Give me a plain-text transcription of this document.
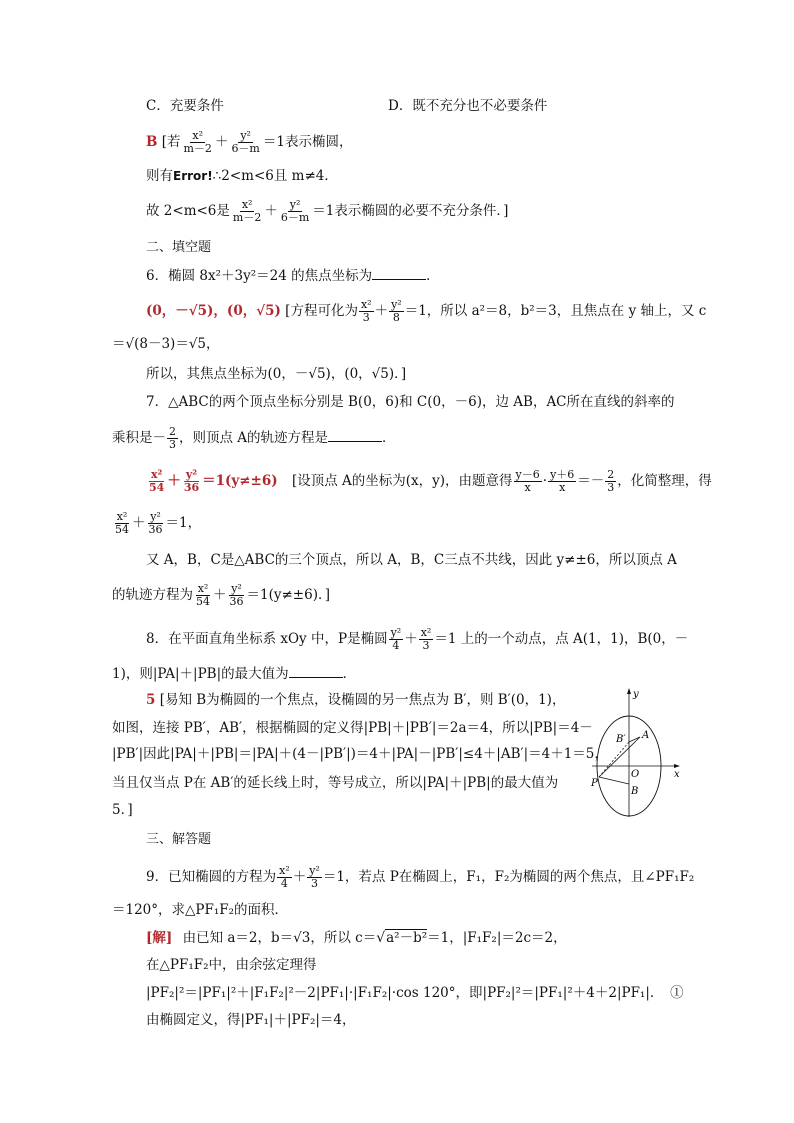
C．充要条件	D．既不充分也不必要条件
B [若 $\frac{\text{x²}}{m-2} + \frac{\text{y²}}{6-m} =1$表示椭圆，
则有Error!∴2<m<6且 m≠4．
故 2<m<6是 $\frac{\text{x²}}{m-2} + \frac{\text{y²}}{6-m} =1$表示椭圆的必要不充分条件．]
二、填空题
6．椭圆 8x²＋3y²＝24 的焦点坐标为	．
(0，－√5)，(0，√5) [方程可化为 $\frac{\text{x²}}{3} + \frac{\text{y²}}{8} =1$，所以 a²＝8，b²＝3，且焦点在 y 轴上，又 c
＝√(8－3)＝√5，
所以，其焦点坐标为(0，－√5)，(0，√5)．]
7．△ABC的两个顶点坐标分别是 B(0，6)和 C(0，－6)，边 AB，AC所在直线的斜率的
乘积是－ $\frac{2}{3}$ ，则顶点 A的轨迹方程是	．
$\frac{\text{x²}}{54} + \frac{\text{y²}}{36} =1(y\ne\pm 6)$ [设顶点 A的坐标为(x，y)，由题意得 $\frac{y-6}{x} \cdot \frac{y+6}{x} =- \frac{2}{3}$ ，化简整理，得
$\frac{\text{x²}}{54} + \frac{\text{y²}}{36} =1$，
又 A，B，C是△ABC的三个顶点，所以 A，B，C三点不共线，因此 y≠±6，所以顶点 A
的轨迹方程为 $\frac{\text{x²}}{54} + \frac{\text{y²}}{36} =1(y\ne\pm 6)$．]
8．在平面直角坐标系 xOy 中，P是椭圆 $\frac{\text{y²}}{4} + \frac{\text{x²}}{3} =1$ 上的一个动点，点 A(1，1)，B(0，－
1)，则|PA|＋|PB|的最大值为	．
5 [易知 B为椭圆的一个焦点，设椭圆的另一焦点为 B′，则 B′(0，1)，
如图，连接 PB′，AB′，根据椭圆的定义得|PB|＋|PB′|＝2a＝4，所以|PB|＝4－
|PB′|因此|PA|＋|PB|＝|PA|＋(4－|PB′|)＝4＋|PA|－|PB′|≤4＋|AB′|＝4＋1＝5，
当且仅当点 P在 AB′的延长线上时，等号成立，所以|PA|＋|PB|的最大值为
5．]
y
x
O
A
B
B′
P
三、解答题
9．已知椭圆的方程为 $\frac{\text{x²}}{4} + \frac{\text{y²}}{3} =1$，若点 P在椭圆上，F₁，F₂为椭圆的两个焦点，且∠PF₁F₂
＝120°，求△PF₁F₂的面积．
[解] 由已知 a＝2，b＝√3，所以 c＝√a²－b²＝1，|F₁F₂|＝2c＝2，
在△PF₁F₂中，由余弦定理得
|PF₂|²＝|PF₁|²＋|F₁F₂|²－2|PF₁|·|F₁F₂|·cos 120°，即|PF₂|²＝|PF₁|²＋4＋2|PF₁|．　①
由椭圆定义，得|PF₁|＋|PF₂|＝4，
